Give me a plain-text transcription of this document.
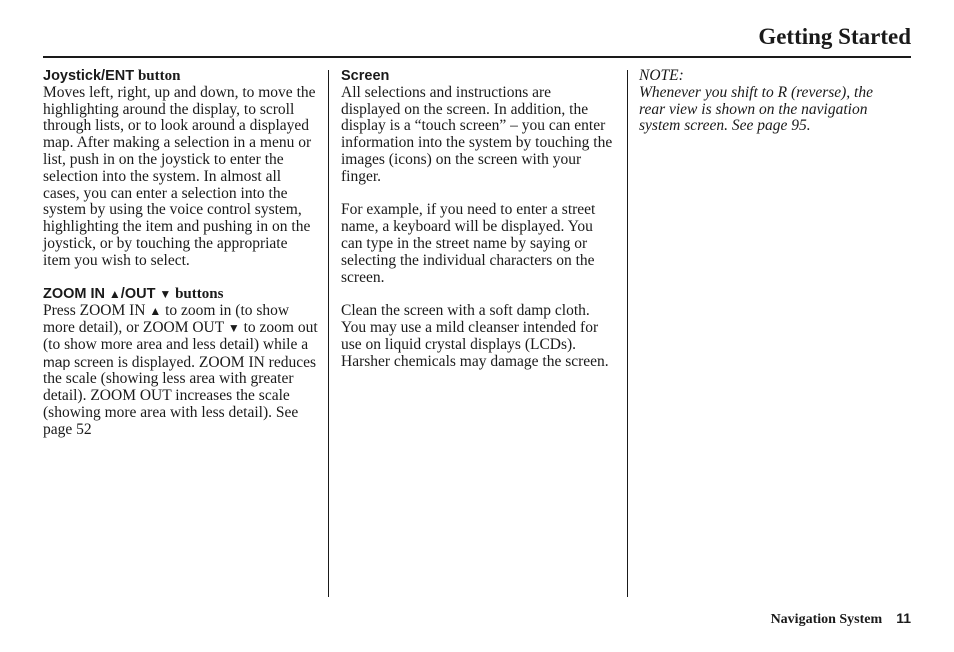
Getting Started

Joystick/ENT button

Moves left, right, up and down, to move the highlighting around the display, to scroll through lists, or to look around a displayed map. After making a selection in a menu or list, push in on the joystick to enter the selection into the system. In almost all cases, you can enter a selection into the system by using the voice control system, highlighting the item and pushing in on the joystick, or by touching the appropriate item you wish to select.

ZOOM IN ▲/OUT ▼ buttons

Press ZOOM IN ▲ to zoom in (to show more detail), or ZOOM OUT ▼ to zoom out (to show more area and less detail) while a map screen is displayed. ZOOM IN reduces the scale (showing less area with greater detail). ZOOM OUT increases the scale (showing more area with less detail). See page 52

Screen

All selections and instructions are displayed on the screen. In addition, the display is a “touch screen” – you can enter information into the system by touching the images (icons) on the screen with your finger.

For example, if you need to enter a street name, a keyboard will be displayed. You can type in the street name by saying or selecting the individual characters on the screen.

Clean the screen with a soft damp cloth. You may use a mild cleanser intended for use on liquid crystal displays (LCDs). Harsher chemicals may damage the screen.

NOTE:

Whenever you shift to R (reverse), the rear view is shown on the navigation system screen. See page 95.

Navigation System 11
